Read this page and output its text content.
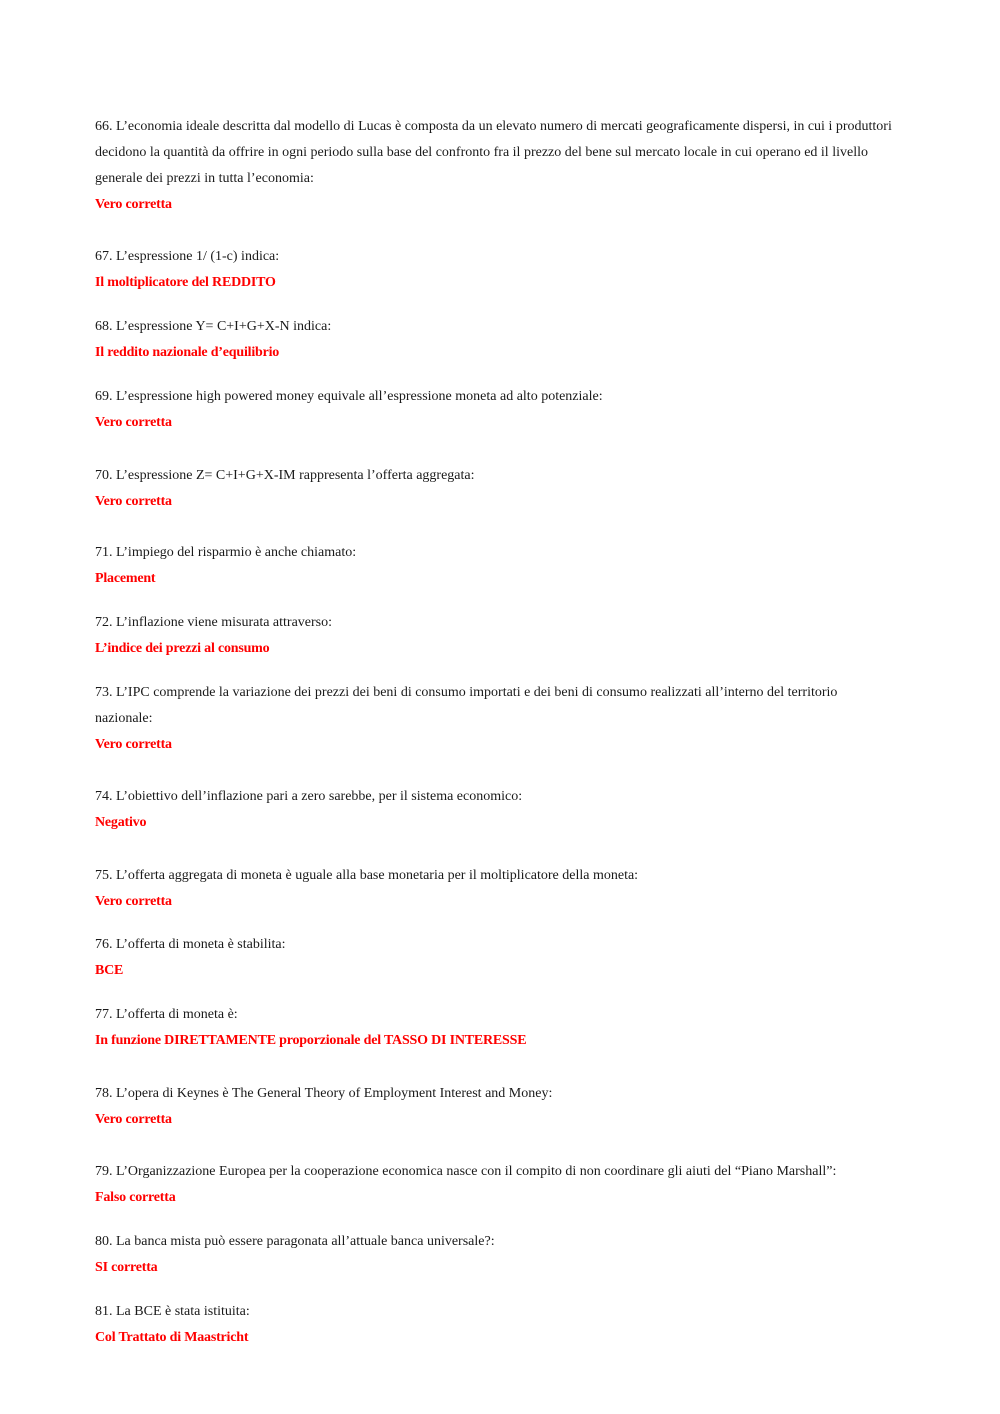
66. L’economia ideale descritta dal modello di Lucas è composta da un elevato numero di mercati geograficamente dispersi, in cui i produttori decidono la quantità da offrire in ogni periodo sulla base del confronto fra il prezzo del bene sul mercato locale in cui operano ed il livello generale dei prezzi in tutta l’economia:

Vero corretta

67. L’espressione 1/ (1-c) indica:

Il moltiplicatore del REDDITO

68. L’espressione Y= C+I+G+X-N indica:

Il reddito nazionale d’equilibrio

69. L’espressione high powered money equivale all’espressione moneta ad alto potenziale:

Vero corretta

70. L’espressione Z= C+I+G+X-IM rappresenta l’offerta aggregata:

Vero corretta

71. L’impiego del risparmio è anche chiamato:

Placement

72. L’inflazione viene misurata attraverso:

L’indice dei prezzi al consumo

73. L’IPC comprende la variazione dei prezzi dei beni di consumo importati e dei beni di consumo realizzati all’interno del territorio nazionale:

Vero corretta

74. L’obiettivo dell’inflazione pari a zero sarebbe, per il sistema economico:

Negativo

75. L’offerta aggregata di moneta è uguale alla base monetaria per il moltiplicatore della moneta:

Vero corretta

76. L’offerta di moneta è stabilita:

BCE

77. L’offerta di moneta è:

In funzione DIRETTAMENTE proporzionale del TASSO DI INTERESSE

78. L’opera di Keynes è The General Theory of Employment Interest and Money:

Vero corretta

79. L’Organizzazione Europea per la cooperazione economica nasce con il compito di non coordinare gli aiuti del “Piano Marshall”:

Falso corretta

80. La banca mista può essere paragonata all’attuale banca universale?:

SI corretta

81. La BCE è stata istituita:

Col Trattato di Maastricht
